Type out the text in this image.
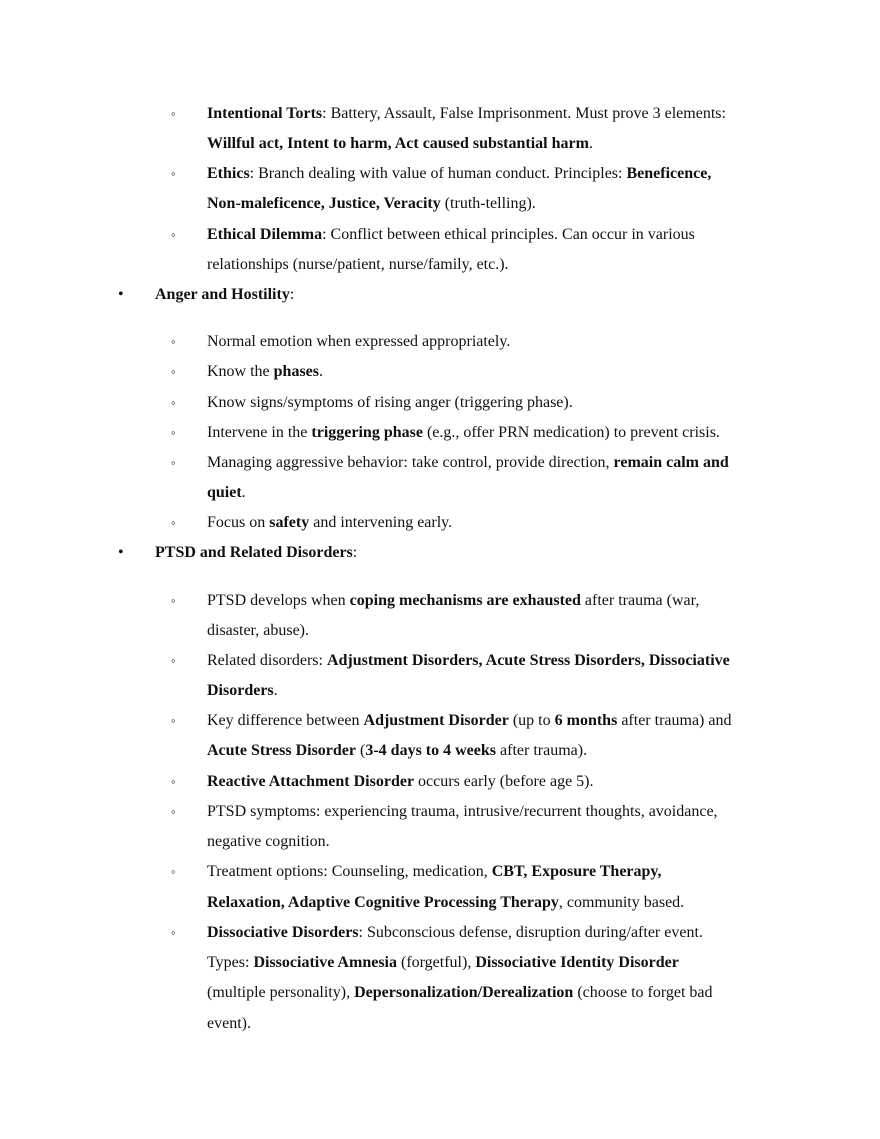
◦ Intentional Torts: Battery, Assault, False Imprisonment. Must prove 3 elements:
Willful act, Intent to harm, Act caused substantial harm.
◦ Ethics: Branch dealing with value of human conduct. Principles: Beneficence,
Non-maleficence, Justice, Veracity (truth-telling).
◦ Ethical Dilemma: Conflict between ethical principles. Can occur in various
relationships (nurse/patient, nurse/family, etc.).
• Anger and Hostility:
◦ Normal emotion when expressed appropriately.
◦ Know the phases.
◦ Know signs/symptoms of rising anger (triggering phase).
◦ Intervene in the triggering phase (e.g., offer PRN medication) to prevent crisis.
◦ Managing aggressive behavior: take control, provide direction, remain calm and
quiet.
◦ Focus on safety and intervening early.
• PTSD and Related Disorders:
◦ PTSD develops when coping mechanisms are exhausted after trauma (war,
disaster, abuse).
◦ Related disorders: Adjustment Disorders, Acute Stress Disorders, Dissociative
Disorders.
◦ Key difference between Adjustment Disorder (up to 6 months after trauma) and
Acute Stress Disorder (3-4 days to 4 weeks after trauma).
◦ Reactive Attachment Disorder occurs early (before age 5).
◦ PTSD symptoms: experiencing trauma, intrusive/recurrent thoughts, avoidance,
negative cognition.
◦ Treatment options: Counseling, medication, CBT, Exposure Therapy,
Relaxation, Adaptive Cognitive Processing Therapy, community based.
◦ Dissociative Disorders: Subconscious defense, disruption during/after event.
Types: Dissociative Amnesia (forgetful), Dissociative Identity Disorder
(multiple personality), Depersonalization/Derealization (choose to forget bad
event).
